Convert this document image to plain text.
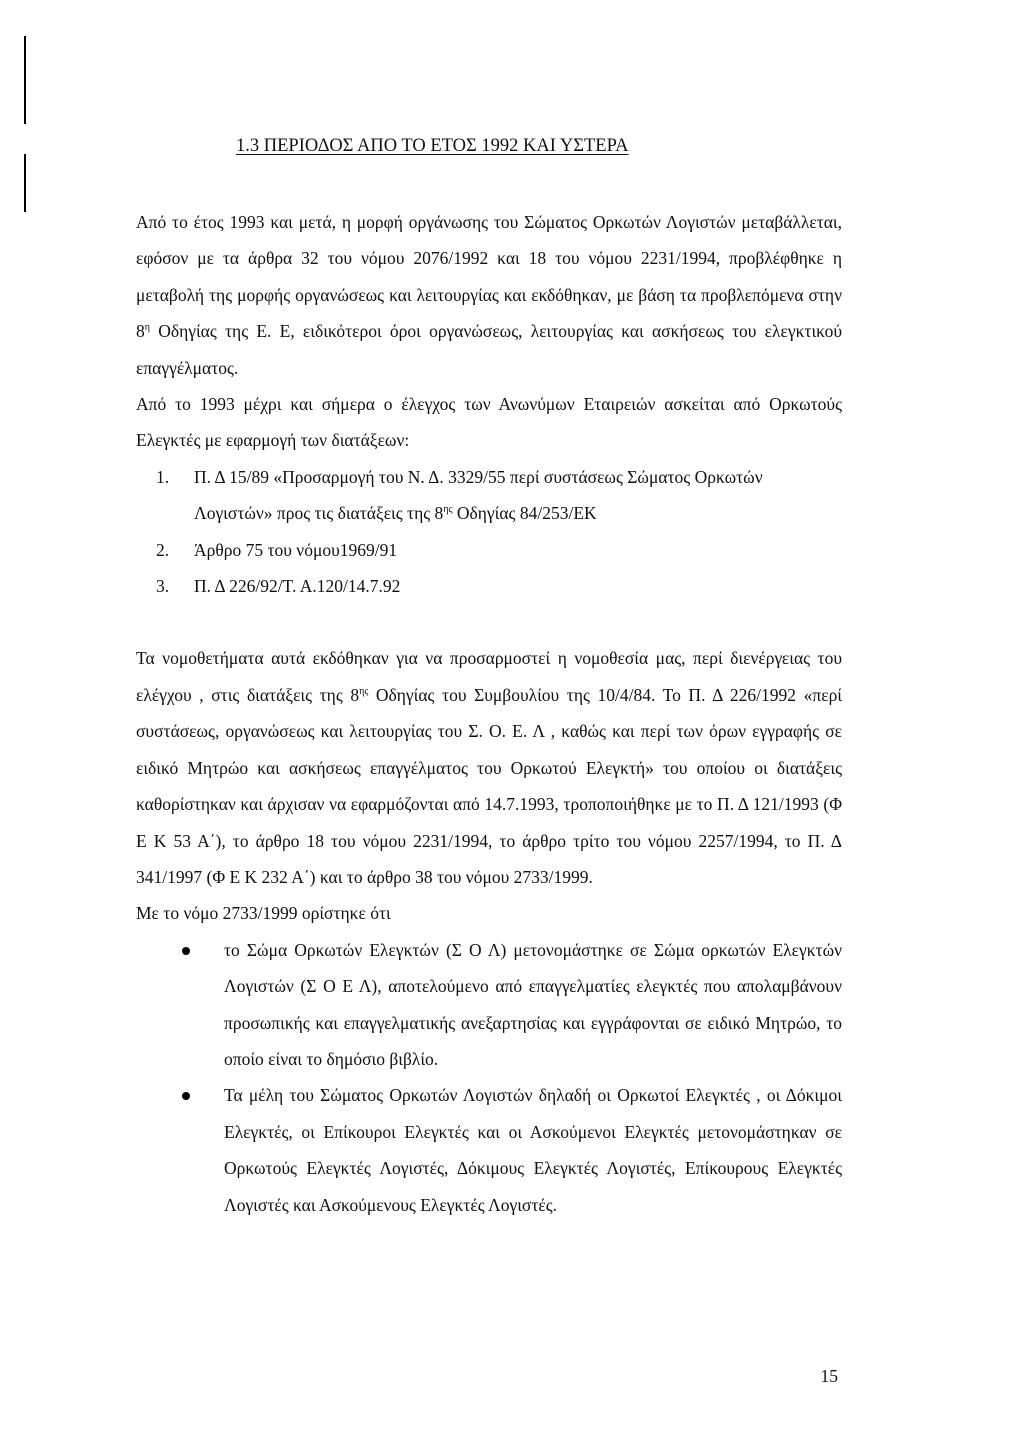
1.3 ΠΕΡΙΟΔΟΣ ΑΠΟ ΤΟ ΕΤΟΣ 1992 ΚΑΙ ΥΣΤΕΡΑ

Από το έτος 1993 και μετά, η μορφή οργάνωσης του Σώματος Ορκωτών Λογιστών μεταβάλλεται, εφόσον με τα άρθρα 32 του νόμου 2076/1992 και 18 του νόμου 2231/1994, προβλέφθηκε η μεταβολή της μορφής οργανώσεως και λειτουργίας και εκδόθηκαν, με βάση τα προβλεπόμενα στην $8^\eta$ Οδηγίας της Ε. Ε, ειδικότεροι όροι οργανώσεως, λειτουργίας και ασκήσεως του ελεγκτικού επαγγέλματος.

Από το 1993 μέχρι και σήμερα ο έλεγχος των Ανωνύμων Εταιρειών ασκείται από Ορκωτούς Ελεγκτές με εφαρμογή των διατάξεων:

1.	Π. Δ 15/89 «Προσαρμογή του Ν. Δ. 3329/55 περί συστάσεως Σώματος Ορκωτών Λογιστών» προς τις διατάξεις της $8^{\eta\varsigma}$ Οδηγίας 84/253/ΕΚ
2.	Άρθρο 75 του νόμου1969/91
3.	Π. Δ 226/92/Τ. Α.120/14.7.92

Τα νομοθετήματα αυτά εκδόθηκαν για να προσαρμοστεί η νομοθεσία μας, περί διενέργειας του ελέγχου , στις διατάξεις της $8^{\eta\varsigma}$ Οδηγίας του Συμβουλίου της 10/4/84. Το Π. Δ 226/1992 «περί συστάσεως, οργανώσεως και λειτουργίας του Σ. Ο. Ε. Λ , καθώς και περί των όρων εγγραφής σε ειδικό Μητρώο και ασκήσεως επαγγέλματος του Ορκωτού Ελεγκτή» του οποίου οι διατάξεις καθορίστηκαν και άρχισαν να εφαρμόζονται από 14.7.1993, τροποποιήθηκε με το Π. Δ 121/1993 (Φ Ε Κ 53 Α΄), το άρθρο 18 του νόμου 2231/1994, το άρθρο τρίτο του νόμου 2257/1994, το Π. Δ 341/1997 (Φ Ε Κ 232 Α΄) και το άρθρο 38 του νόμου 2733/1999.

Με το νόμο 2733/1999 ορίστηκε ότι

το Σώμα Ορκωτών Ελεγκτών (Σ Ο Λ) μετονομάστηκε σε Σώμα ορκωτών Ελεγκτών Λογιστών (Σ Ο Ε Λ), αποτελούμενο από επαγγελματίες ελεγκτές που απολαμβάνουν προσωπικής και επαγγελματικής ανεξαρτησίας και εγγράφονται σε ειδικό Μητρώο, το οποίο είναι το δημόσιο βιβλίο.
Τα μέλη του Σώματος Ορκωτών Λογιστών δηλαδή οι Ορκωτοί Ελεγκτές , οι Δόκιμοι Ελεγκτές, οι Επίκουροι Ελεγκτές και οι Ασκούμενοι Ελεγκτές μετονομάστηκαν σε Ορκωτούς Ελεγκτές Λογιστές, Δόκιμους Ελεγκτές Λογιστές, Επίκουρους Ελεγκτές Λογιστές και Ασκούμενους Ελεγκτές Λογιστές.
15
